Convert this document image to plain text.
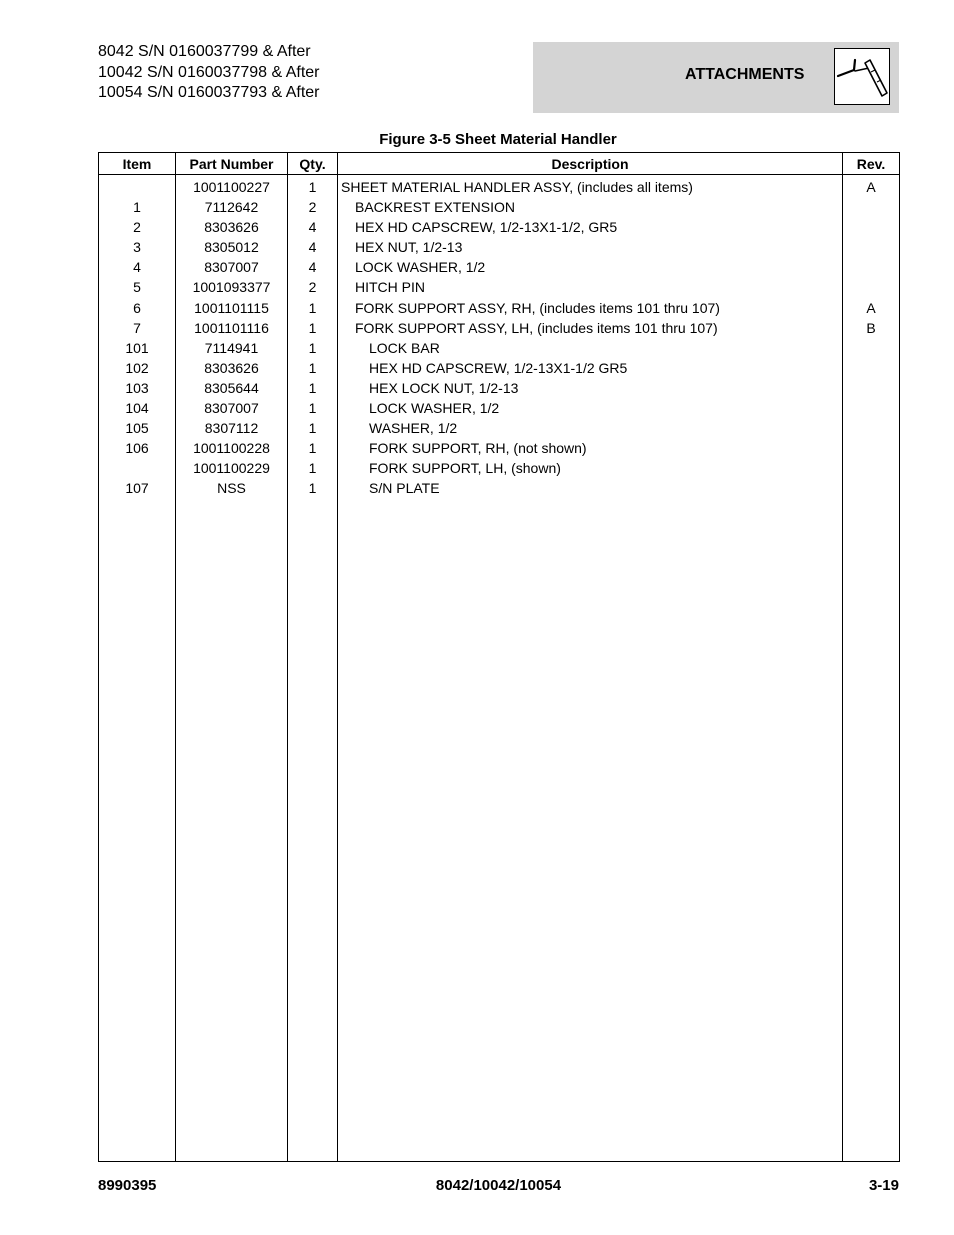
8042 S/N 0160037799 & After
10042 S/N 0160037798 & After
10054 S/N 0160037793 & After
ATTACHMENTS
Figure 3-5 Sheet Material Handler
Item	Part Number	Qty.	Description	Rev.
	1001100227	1	SHEET MATERIAL HANDLER ASSY, (includes all items)	A
1	7112642	2	BACKREST EXTENSION	
2	8303626	4	HEX HD CAPSCREW, 1/2-13X1-1/2, GR5	
3	8305012	4	HEX NUT, 1/2-13	
4	8307007	4	LOCK WASHER, 1/2	
5	1001093377	2	HITCH PIN	
6	1001101115	1	FORK SUPPORT ASSY, RH, (includes items 101 thru 107)	A
7	1001101116	1	FORK SUPPORT ASSY, LH, (includes items 101 thru 107)	B
101	7114941	1	LOCK BAR	
102	8303626	1	HEX HD CAPSCREW, 1/2-13X1-1/2 GR5	
103	8305644	1	HEX LOCK NUT, 1/2-13	
104	8307007	1	LOCK WASHER, 1/2	
105	8307112	1	WASHER, 1/2	
106	1001100228	1	FORK SUPPORT, RH, (not shown)	
	1001100229	1	FORK SUPPORT, LH, (shown)	
107	NSS	1	S/N PLATE	

8990395	8042/10042/10054	3-19
